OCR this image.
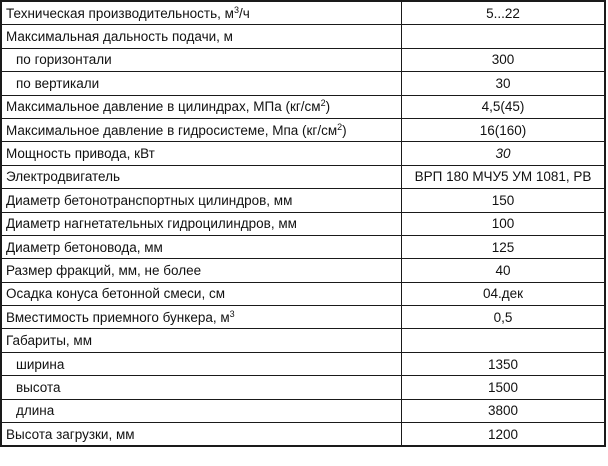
Техническая производительность, $м^3/ч$	5...22
Максимальная дальность подачи, м	
по горизонтали	300
по вертикали	30
Максимальное давление в цилиндрах, МПа $(кг/см^2)$	4,5(45)
Максимальное давление в гидросистеме, Мпа $(кг/см^2)$	16(160)
Мощность привода, кВт	30
Электродвигатель	ВРП 180 МЧУ5 УМ 1081, РВ
Диаметр бетонотранспортных цилиндров, мм	150
Диаметр нагнетательных гидроцилиндров, мм	100
Диаметр бетоновода, мм	125
Размер фракций, мм, не более	40
Осадка конуса бетонной смеси, см	04.дек
Вместимость приемного бункера, $м^3$	0,5
Габариты, мм	
ширина	1350
высота	1500
длина	3800
Высота загрузки, мм	1200
